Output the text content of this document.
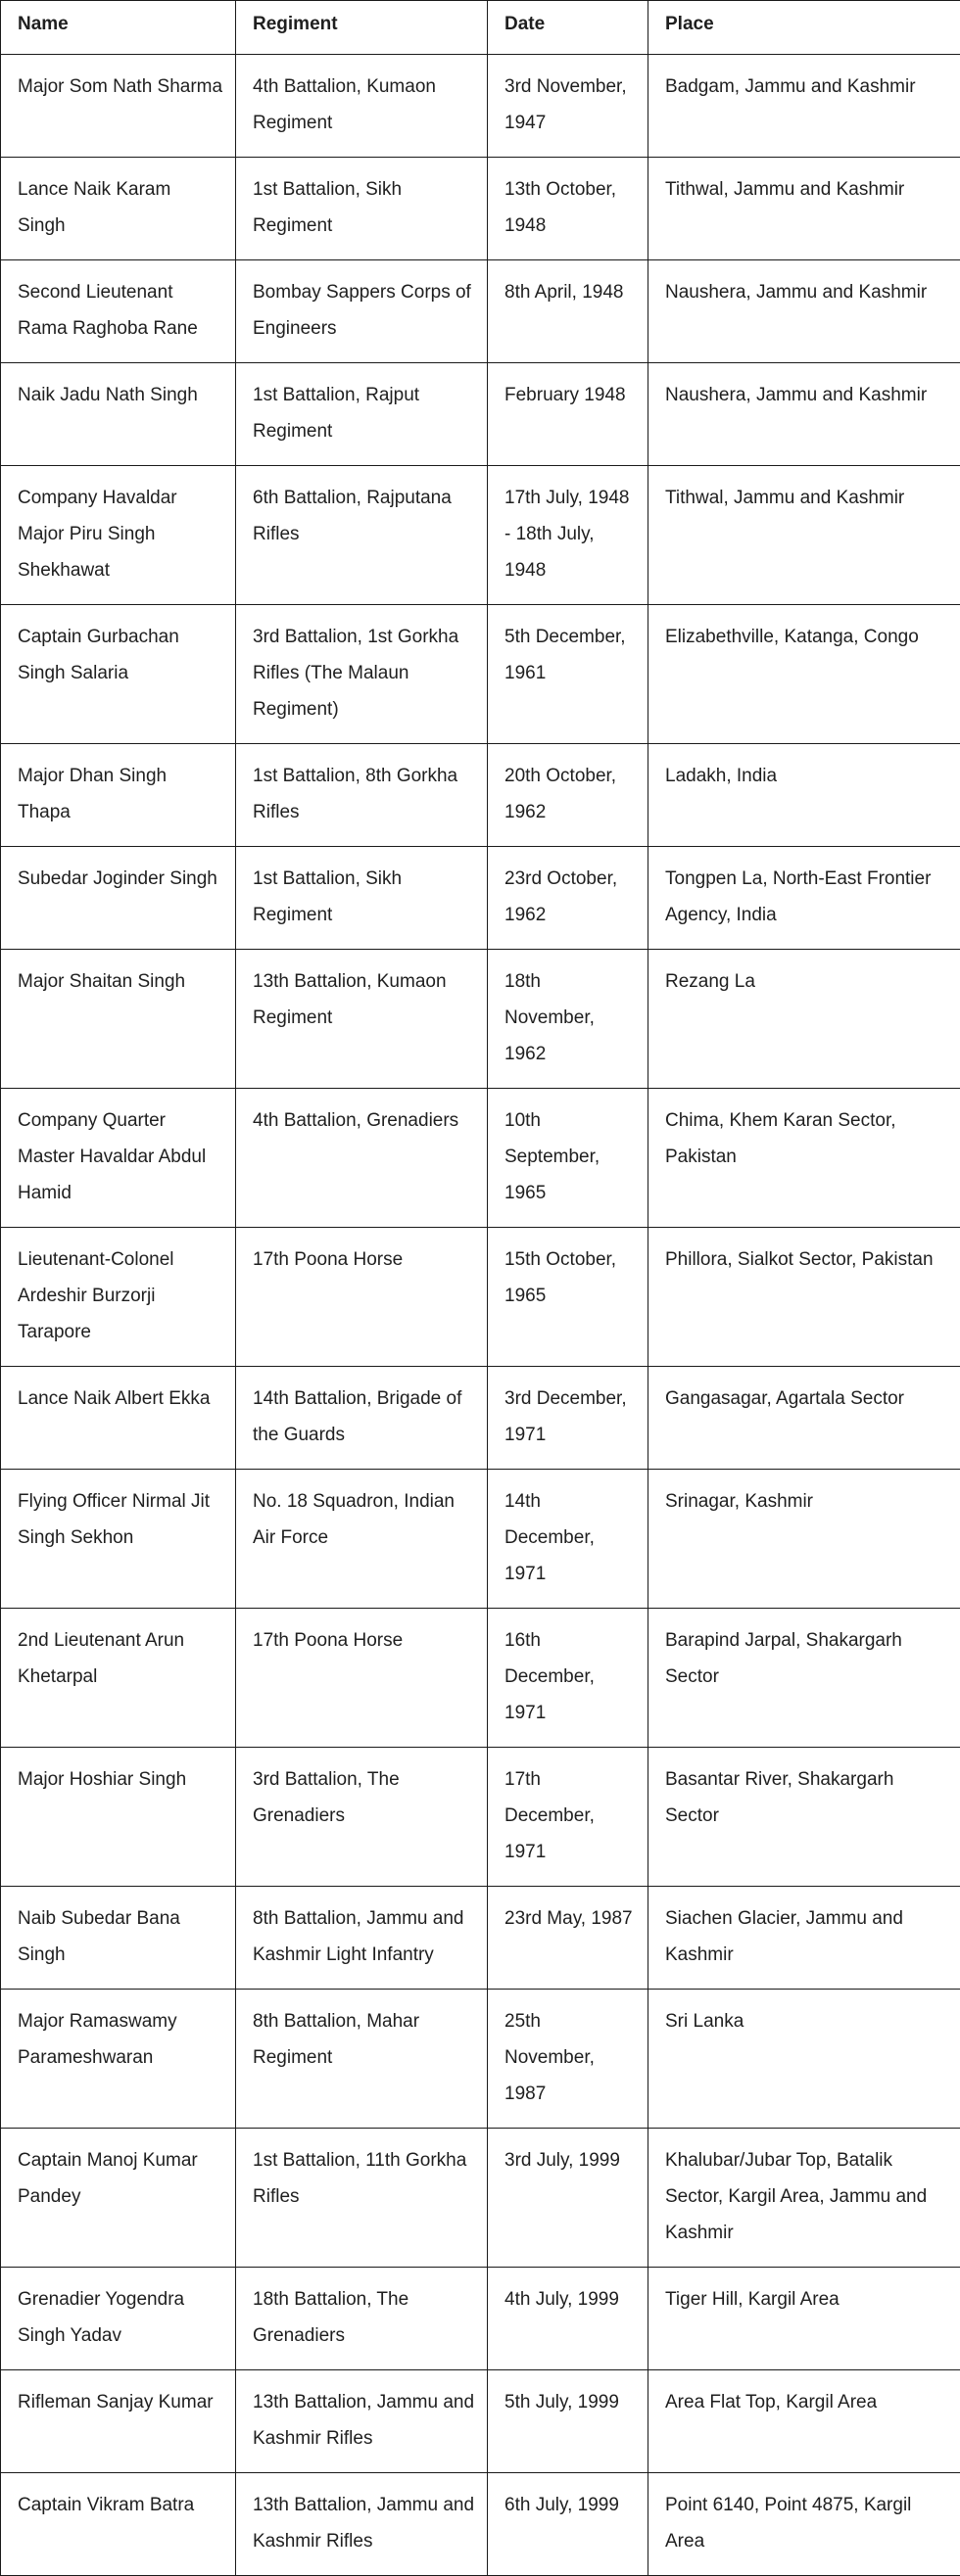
Name	Regiment	Date	Place
Major Som Nath Sharma	4th Battalion, Kumaon Regiment	3rd November, 1947	Badgam, Jammu and Kashmir
Lance Naik Karam Singh	1st Battalion, Sikh Regiment	13th October, 1948	Tithwal, Jammu and Kashmir
Second Lieutenant Rama Raghoba Rane	Bombay Sappers Corps of Engineers	8th April, 1948	Naushera, Jammu and Kashmir
Naik Jadu Nath Singh	1st Battalion, Rajput Regiment	February 1948	Naushera, Jammu and Kashmir
Company Havaldar Major Piru Singh Shekhawat	6th Battalion, Rajputana Rifles	17th July, 1948 - 18th July, 1948	Tithwal, Jammu and Kashmir
Captain Gurbachan Singh Salaria	3rd Battalion, 1st Gorkha Rifles (The Malaun Regiment)	5th December, 1961	Elizabethville, Katanga, Congo
Major Dhan Singh Thapa	1st Battalion, 8th Gorkha Rifles	20th October, 1962	Ladakh, India
Subedar Joginder Singh	1st Battalion, Sikh Regiment	23rd October, 1962	Tongpen La, North-East Frontier Agency, India
Major Shaitan Singh	13th Battalion, Kumaon Regiment	18th November, 1962	Rezang La
Company Quarter Master Havaldar Abdul Hamid	4th Battalion, Grenadiers	10th September, 1965	Chima, Khem Karan Sector, Pakistan
Lieutenant-Colonel Ardeshir Burzorji Tarapore	17th Poona Horse	15th October, 1965	Phillora, Sialkot Sector, Pakistan
Lance Naik Albert Ekka	14th Battalion, Brigade of the Guards	3rd December, 1971	Gangasagar, Agartala Sector
Flying Officer Nirmal Jit Singh Sekhon	No. 18 Squadron, Indian Air Force	14th December, 1971	Srinagar, Kashmir
2nd Lieutenant Arun Khetarpal	17th Poona Horse	16th December, 1971	Barapind Jarpal, Shakargarh Sector
Major Hoshiar Singh	3rd Battalion, The Grenadiers	17th December, 1971	Basantar River, Shakargarh Sector
Naib Subedar Bana Singh	8th Battalion, Jammu and Kashmir Light Infantry	23rd May, 1987	Siachen Glacier, Jammu and Kashmir
Major Ramaswamy Parameshwaran	8th Battalion, Mahar Regiment	25th November, 1987	Sri Lanka
Captain Manoj Kumar Pandey	1st Battalion, 11th Gorkha Rifles	3rd July, 1999	Khalubar/Jubar Top, Batalik Sector, Kargil Area, Jammu and Kashmir
Grenadier Yogendra Singh Yadav	18th Battalion, The Grenadiers	4th July, 1999	Tiger Hill, Kargil Area
Rifleman Sanjay Kumar	13th Battalion, Jammu and Kashmir Rifles	5th July, 1999	Area Flat Top, Kargil Area
Captain Vikram Batra	13th Battalion, Jammu and Kashmir Rifles	6th July, 1999	Point 6140, Point 4875, Kargil Area
